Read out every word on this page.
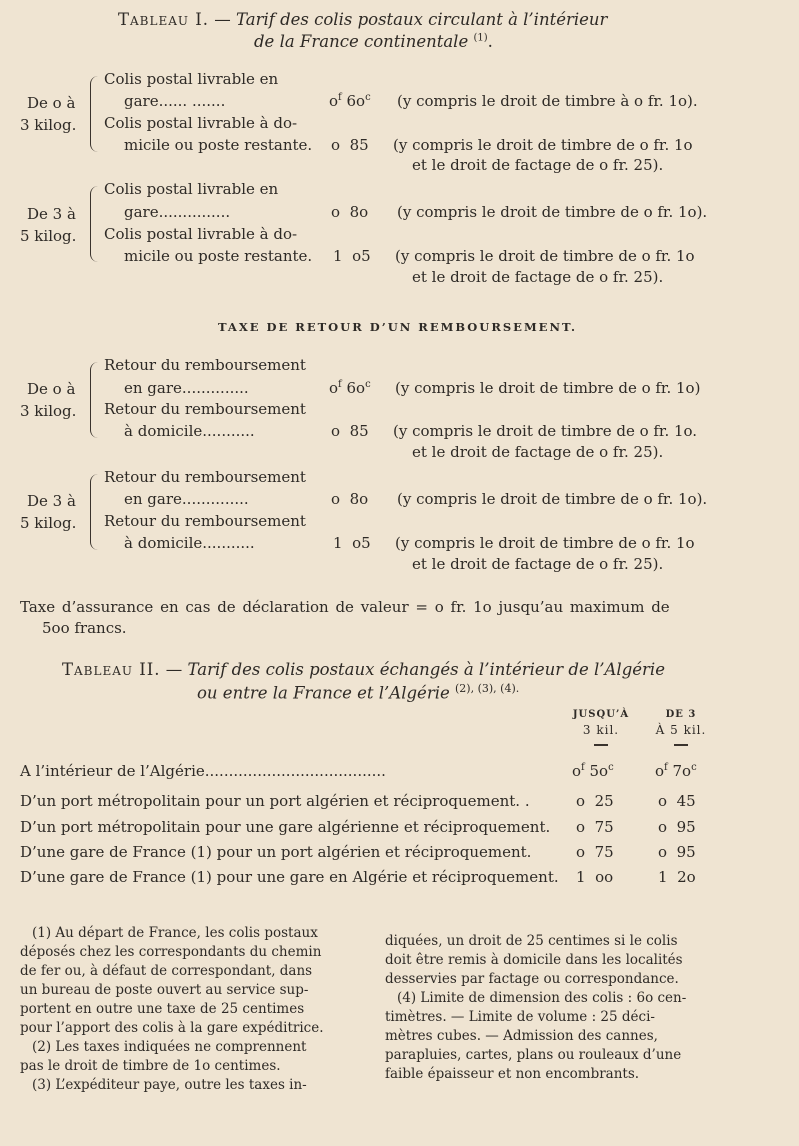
Tableau I. — Tarif des colis postaux circulant à l’intérieur
de la France continentale $^{(1)}$.
De o à
3 kilog.
Colis postal livrable en
gare...... .......	$o^f$ $6o^c$ (y compris le droit de timbre à o fr. 1o).
Colis postal livrable à do-
micile ou poste restante. o  85 (y compris le droit de timbre de o fr. 1o
et le droit de factage de o fr. 25).
De 3 à
5 kilog.
Colis postal livrable en
gare...............	o  8o (y compris le droit de timbre de o fr. 1o).
Colis postal livrable à do-
micile ou poste restante. 1  o5 (y compris le droit de timbre de o fr. 1o
et le droit de factage de o fr. 25).
TAXE DE RETOUR D’UN REMBOURSEMENT.
De o à
3 kilog.
Retour du remboursement
en gare..............	$o^f$ $6o^c$ (y compris le droit de timbre de o fr. 1o)
Retour du remboursement
à domicile...........	o  85 (y compris le droit de timbre de o fr. 1o.
et le droit de factage de o fr. 25).
De 3 à
5 kilog.
Retour du remboursement
en gare..............	o  8o (y compris le droit de timbre de o fr. 1o).
Retour du remboursement
à domicile...........	1  o5 (y compris le droit de timbre de o fr. 1o
et le droit de factage de o fr. 25).
Taxe d’assurance en cas de déclaration de valeur = o fr. 1o jusqu’au maximum de
5oo francs.
Tableau II. — Tarif des colis postaux échangés à l’intérieur de l’Algérie
ou entre la France et l’Algérie $^{(2), (3), (4).}$
JUSQU’À
3 kil.
DE 3
À 5 kil.
A l’intérieur de l’Algérie......................................	$o^f$ $5o^c$	$o^f$ $7o^c$
D’un port métropolitain pour un port algérien et réciproquement. .	o  25	o  45
D’un port métropolitain pour une gare algérienne et réciproquement. o  75	o  95
D’une gare de France (1) pour un port algérien et réciproquement.	o  75	o  95
D’une gare de France (1) pour une gare en Algérie et réciproquement. 1  oo	1  2o
(1) Au départ de France, les colis postaux
déposés chez les correspondants du chemin
de fer ou, à défaut de correspondant, dans
un bureau de poste ouvert au service sup-
portent en outre une taxe de 25 centimes
pour l’apport des colis à la gare expéditrice.
(2) Les taxes indiquées ne comprennent
pas le droit de timbre de 1o centimes.
(3) L’expéditeur paye, outre les taxes in-
diquées, un droit de 25 centimes si le colis
doit être remis à domicile dans les localités
desservies par factage ou correspondance.
(4) Limite de dimension des colis : 6o cen-
timètres. — Limite de volume : 25 déci-
mètres cubes. — Admission des cannes,
parapluies, cartes, plans ou rouleaux d’une
faible épaisseur et non encombrants.
